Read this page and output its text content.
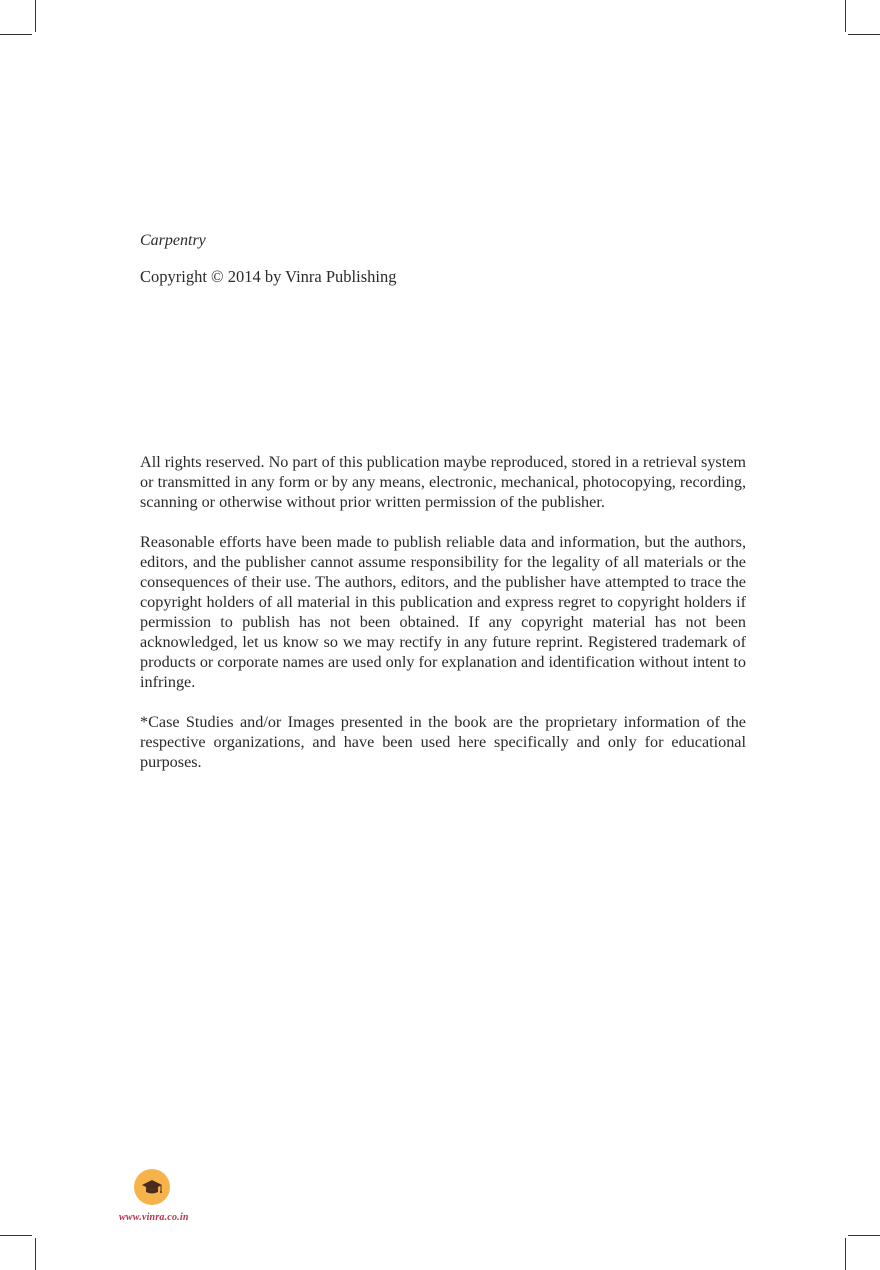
Carpentry
Copyright © 2014 by Vinra Publishing

All rights reserved. No part of this publication maybe reproduced, stored in a retrieval system or transmitted in any form or by any means, electronic, mechanical, photocopying, recording, scanning or otherwise without prior written permission of the publisher.

Reasonable efforts have been made to publish reliable data and information, but the authors, editors, and the publisher cannot assume responsibility for the legality of all materials or the consequences of their use. The authors, editors, and the publisher have attempted to trace the copyright holders of all material in this publication and express regret to copyright holders if permission to publish has not been obtained. If any copyright material has not been acknowledged, let us know so we may rectify in any future reprint. Registered trademark of products or corporate names are used only for explanation and identification without intent to infringe.

*Case Studies and/or Images presented in the book are the proprietary information of the respective organizations, and have been used here specifically and only for educational purposes.

www.vinra.co.in
